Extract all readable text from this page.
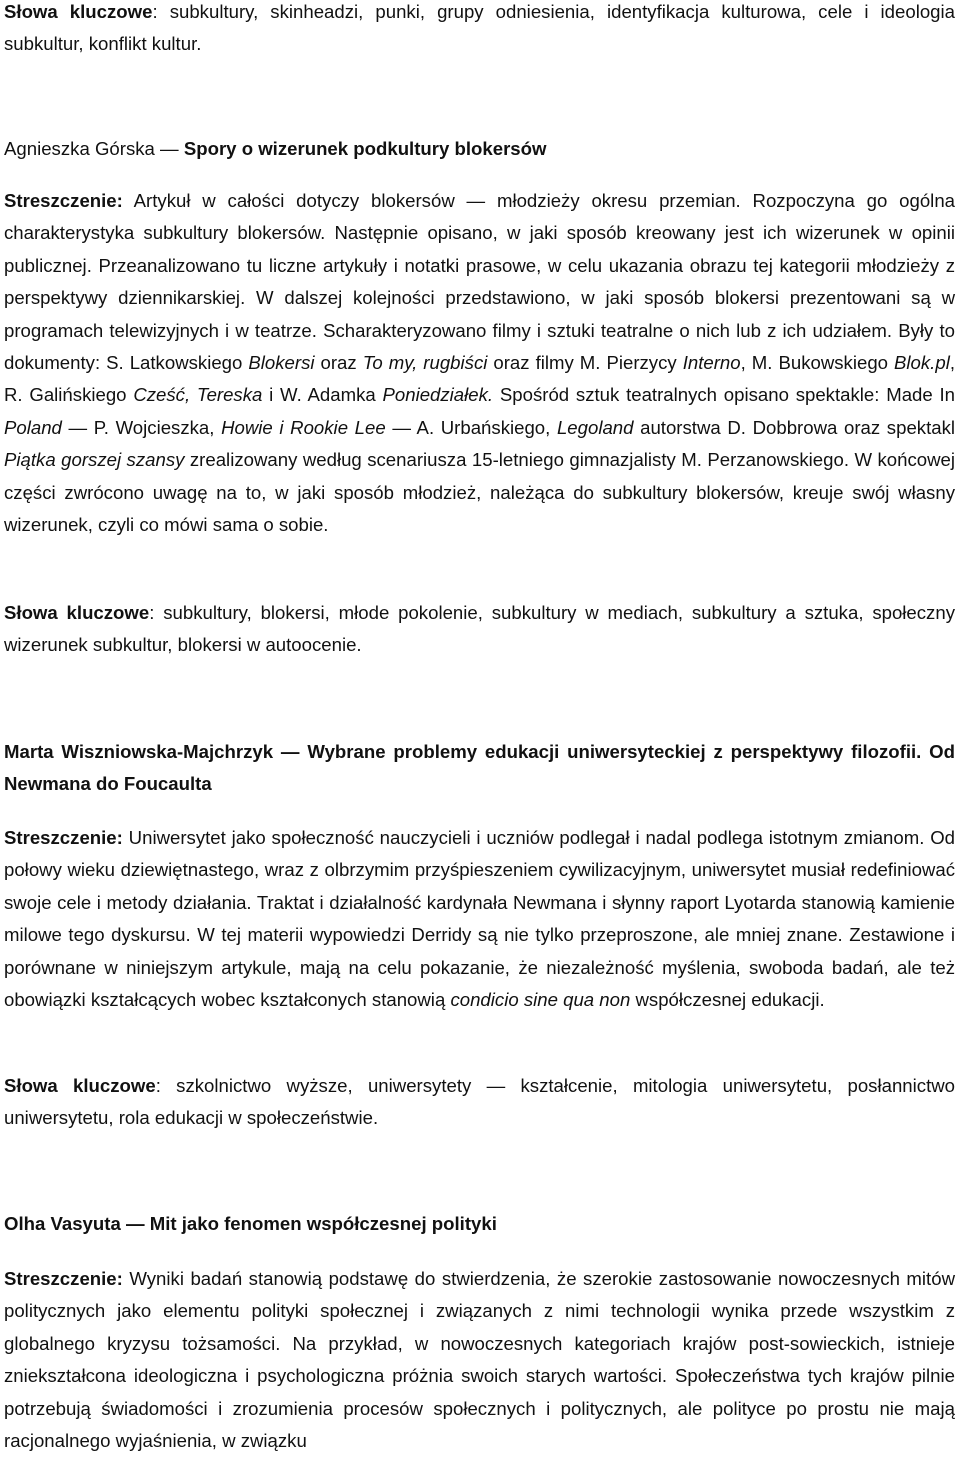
Słowa kluczowe: subkultury, skinheadzi, punki, grupy odniesienia, identyfikacja kulturowa, cele i ideologia subkultur, konflikt kultur.

Agnieszka Górska — Spory o wizerunek podkultury blokersów

Streszczenie: Artykuł w całości dotyczy blokersów — młodzieży okresu przemian. Rozpoczyna go ogólna charakterystyka subkultury blokersów. Następnie opisano, w jaki sposób kreowany jest ich wizerunek w opinii publicznej. Przeanalizowano tu liczne artykuły i notatki prasowe, w celu ukazania obrazu tej kategorii młodzieży z perspektywy dziennikarskiej. W dalszej kolejności przedstawiono, w jaki sposób blokersi prezentowani są w programach telewizyjnych i w teatrze. Scharakteryzowano filmy i sztuki teatralne o nich lub z ich udziałem. Były to dokumenty: S. Latkowskiego Blokersi oraz To my, rugbiści oraz filmy M. Pierzycy Interno, M. Bukowskiego Blok.pl, R. Galińskiego Cześć, Tereska i W. Adamka Poniedziałek. Spośród sztuk teatralnych opisano spektakle: Made In Poland — P. Wojcieszka, Howie i Rookie Lee — A. Urbańskiego, Legoland autorstwa D. Dobbrowa oraz spektakl Piątka gorszej szansy zrealizowany według scenariusza 15-letniego gimnazjalisty M. Perzanowskiego. W końcowej części zwrócono uwagę na to, w jaki sposób młodzież, należąca do subkultury blokersów, kreuje swój własny wizerunek, czyli co mówi sama o sobie.

Słowa kluczowe: subkultury, blokersi, młode pokolenie, subkultury w mediach, subkultury a sztuka, społeczny wizerunek subkultur, blokersi w autoocenie.

Marta Wiszniowska-Majchrzyk — Wybrane problemy edukacji uniwersyteckiej z perspektywy filozofii. Od Newmana do Foucaulta

Streszczenie: Uniwersytet jako społeczność nauczycieli i uczniów podlegał i nadal podlega istotnym zmianom. Od połowy wieku dziewiętnastego, wraz z olbrzymim przyśpieszeniem cywilizacyjnym, uniwersytet musiał redefiniować swoje cele i metody działania. Traktat i działalność kardynała Newmana i słynny raport Lyotarda stanowią kamienie milowe tego dyskursu. W tej materii wypowiedzi Derridy są nie tylko przeproszone, ale mniej znane. Zestawione i porównane w niniejszym artykule, mają na celu pokazanie, że niezależność myślenia, swoboda badań, ale też obowiązki kształcących wobec kształconych stanowią condicio sine qua non współczesnej edukacji.

Słowa kluczowe: szkolnictwo wyższe, uniwersytety — kształcenie, mitologia uniwersytetu, posłannictwo uniwersytetu, rola edukacji w społeczeństwie.

Olha Vasyuta — Mit jako fenomen współczesnej polityki

Streszczenie: Wyniki badań stanowią podstawę do stwierdzenia, że szerokie zastosowanie nowoczesnych mitów politycznych jako elementu polityki społecznej i związanych z nimi technologii wynika przede wszystkim z globalnego kryzysu tożsamości. Na przykład, w nowoczesnych kategoriach krajów post-sowieckich, istnieje zniekształcona ideologiczna i psychologiczna próżnia swoich starych wartości. Społeczeństwa tych krajów pilnie potrzebują świadomości i zrozumienia procesów społecznych i politycznych, ale polityce po prostu nie mają racjonalnego wyjaśnienia, w związku
